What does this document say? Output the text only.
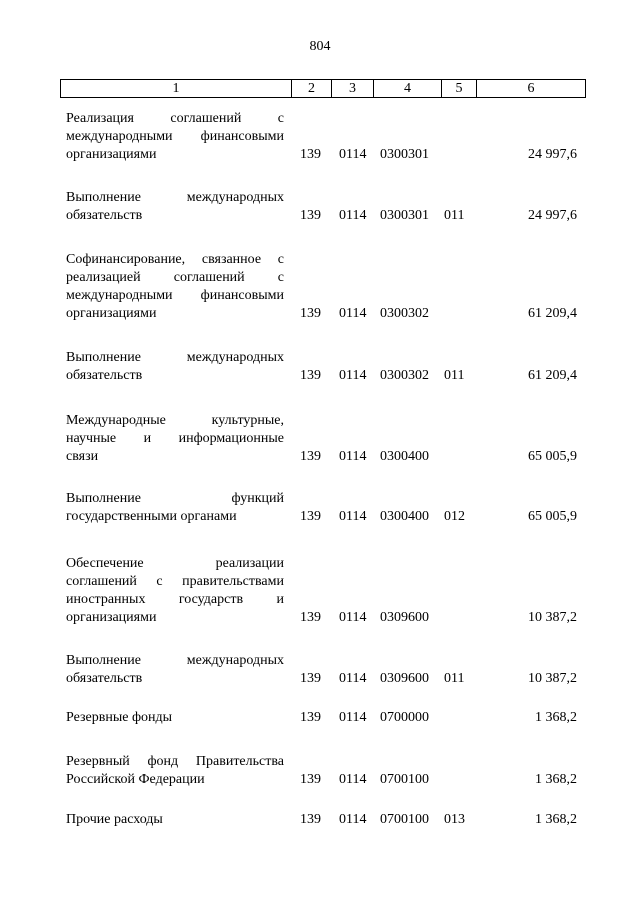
804
1	2	3	4	5	6
Реализация соглашений с
международными финансовыми
организациями	139 0114 0300301	24 997,6
Выполнение международных
обязательств	139 0114 0300301 011	24 997,6
Софинансирование, связанное с
реализацией соглашений с
международными финансовыми
организациями	139 0114 0300302	61 209,4
Выполнение международных
обязательств	139 0114 0300302 011	61 209,4
Международные культурные,
научные и информационные
связи	139 0114 0300400	65 005,9
Выполнение функций
государственными органами	139 0114 0300400 012	65 005,9
Обеспечение реализации
соглашений с правительствами
иностранных государств и
организациями	139 0114 0309600	10 387,2
Выполнение международных
обязательств	139 0114 0309600 011	10 387,2
Резервные фонды	139 0114 0700000	1 368,2
Резервный фонд Правительства
Российской Федерации	139 0114 0700100	1 368,2
Прочие расходы	139 0114 0700100 013	1 368,2
